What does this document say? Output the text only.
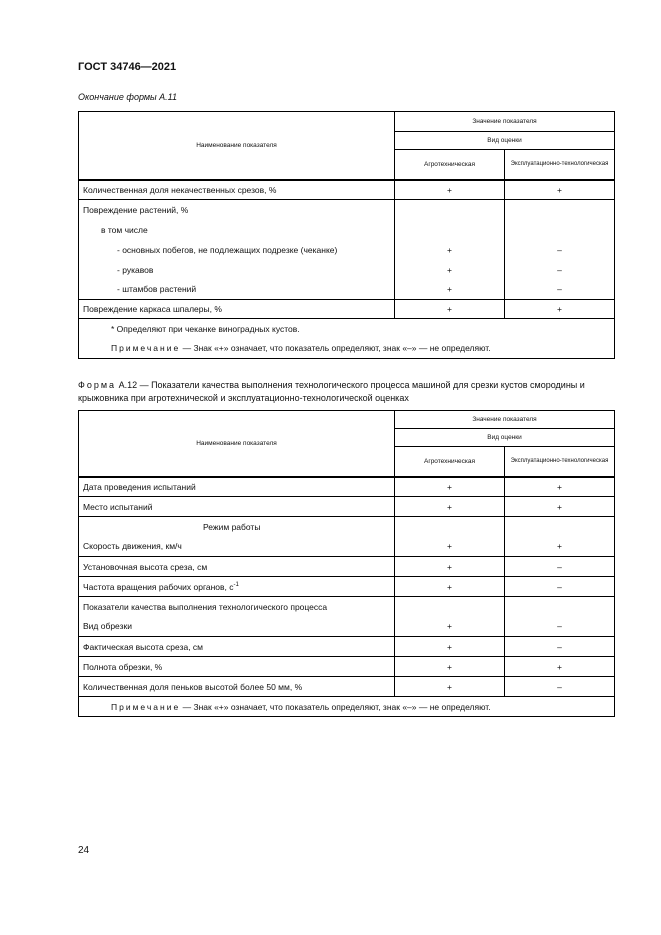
ГОСТ 34746—2021
Окончание формы А.11
Наименование показателя	Значение показателя	
	Вид оценки	
	Агротехническая	Эксплуатационно-технологическая
Количественная доля некачественных срезов, %	+	+
Повреждение растений, %		
в том числе		
- основных побегов, не подлежащих подрезке (чеканке)	+	–
- рукавов	+	–
- штамбов растений	+	–
Повреждение каркаса шпалеры, %	+	+
* Определяют при чеканке виноградных кустов.		
Примечание — Знак «+» означает, что показатель определяют, знак «–» — не определяют.		
Форма А.12 — Показатели качества выполнения технологического процесса машиной для срезки кустов смородины и крыжовника при агротехнической и эксплуатационно-технологической оценках
Наименование показателя	Значение показателя	
	Вид оценки	
	Агротехническая	Эксплуатационно-технологическая
Дата проведения испытаний	+	+
Место испытаний	+	+
Режим работы		
Скорость движения, км/ч	+	+
Установочная высота среза, см	+	–
Частота вращения рабочих органов, $с^{-1}$	+	–
Показатели качества выполнения технологического процесса		
Вид обрезки	+	–
Фактическая высота среза, см	+	–
Полнота обрезки, %	+	+
Количественная доля пеньков высотой более 50 мм, %	+	–
Примечание — Знак «+» означает, что показатель определяют, знак «–» — не определяют.		
24
